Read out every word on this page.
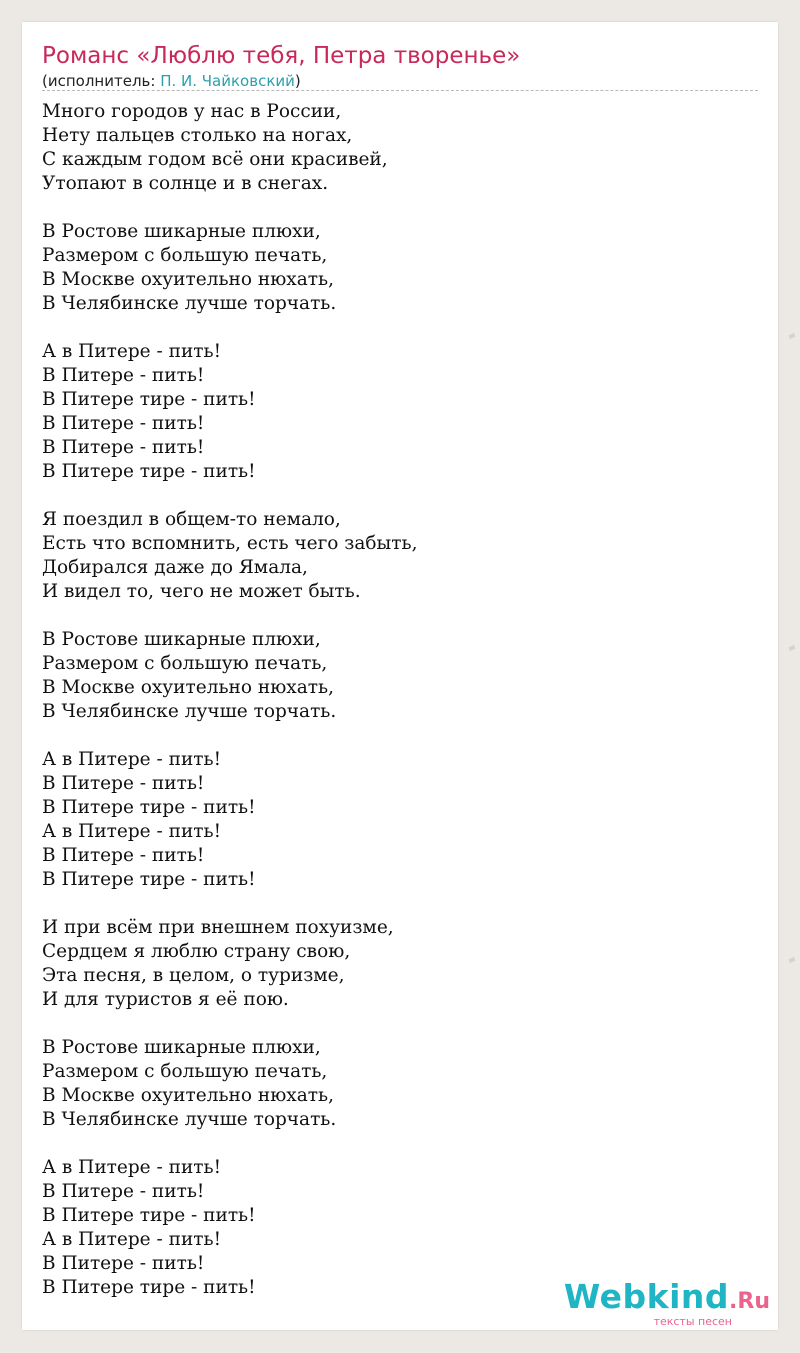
Романс «Люблю тебя, Петра творенье»
(исполнитель: П. И. Чайковский)
Много городов у нас в России,
Нету пальцев столько на ногах,
С каждым годом всё они красивей,
Утопают в солнце и в снегах.
В Ростове шикарные плюхи,
Размером с большую печать,
В Москве охуительно нюхать,
В Челябинске лучше торчать.
А в Питере - пить!
В Питере - пить!
В Питере тире - пить!
В Питере - пить!
В Питере - пить!
В Питере тире - пить!
Я поездил в общем-то немало,
Есть что вспомнить, есть чего забыть,
Добирался даже до Ямала,
И видел то, чего не может быть.
В Ростове шикарные плюхи,
Размером с большую печать,
В Москве охуительно нюхать,
В Челябинске лучше торчать.
А в Питере - пить!
В Питере - пить!
В Питере тире - пить!
А в Питере - пить!
В Питере - пить!
В Питере тире - пить!
И при всём при внешнем похуизме,
Сердцем я люблю страну свою,
Эта песня, в целом, о туризме,
И для туристов я её пою.
В Ростове шикарные плюхи,
Размером с большую печать,
В Москве охуительно нюхать,
В Челябинске лучше торчать.
А в Питере - пить!
В Питере - пить!
В Питере тире - пить!
А в Питере - пить!
В Питере - пить!
В Питере тире - пить!	Webkind.Ru
тексты песен
